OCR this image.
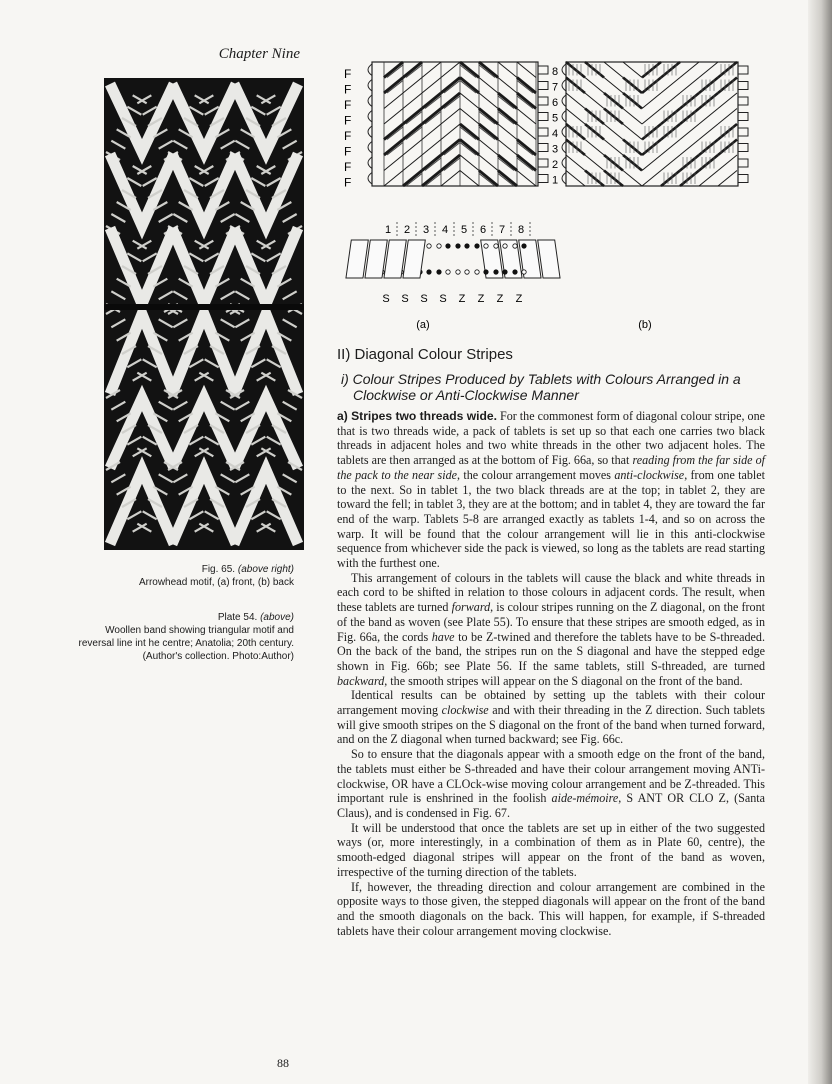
Chapter Nine

Fig. 65. (above right)
Arrowhead motif, (a) front, (b) back

Plate 54. (above)
Woollen band showing triangular motif and reversal line int he centre; Anatolia; 20th century. (Author's collection. Photo:Author)

F
F
F
F
F
F
F
F
8
7
6
5
4
3
2
1
1 2 3 4 5 6 7 8
S S S S Z Z Z Z
(a)	(b)
II) Diagonal Colour Stripes
i) Colour Stripes Produced by Tablets with Colours Arranged in a Clockwise or Anti-Clockwise Manner

a) Stripes two threads wide. For the commonest form of diagonal colour stripe, one that is two threads wide, a pack of tablets is set up so that each one carries two black threads in adjacent holes and two white threads in the other two adjacent holes. The tablets are then arranged as at the bottom of Fig. 66a, so that reading from the far side of the pack to the near side, the colour arrangement moves anti-clockwise, from one tablet to the next. So in tablet 1, the two black threads are at the top; in tablet 2, they are toward the fell; in tablet 3, they are at the bottom; and in tablet 4, they are toward the far end of the warp. Tablets 5-8 are arranged exactly as tablets 1-4, and so on across the warp. It will be found that the colour arrangement will lie in this anti-clockwise sequence from whichever side the pack is viewed, so long as the tablets are read starting with the furthest one.

This arrangement of colours in the tablets will cause the black and white threads in each cord to be shifted in relation to those colours in adjacent cords. The result, when these tablets are turned forward, is colour stripes running on the Z diagonal, on the front of the band as woven (see Plate 55). To ensure that these stripes are smooth edged, as in Fig. 66a, the cords have to be Z-twined and therefore the tablets have to be S-threaded. On the back of the band, the stripes run on the S diagonal and have the stepped edge shown in Fig. 66b; see Plate 56. If the same tablets, still S-threaded, are turned backward, the smooth stripes will appear on the S diagonal on the front of the band.

Identical results can be obtained by setting up the tablets with their colour arrangement moving clockwise and with their threading in the Z direction. Such tablets will give smooth stripes on the S diagonal on the front of the band when turned forward, and on the Z diagonal when turned backward; see Fig. 66c.

So to ensure that the diagonals appear with a smooth edge on the front of the band, the tablets must either be S-threaded and have their colour arrangement moving ANTi-clockwise, OR have a CLOck-wise moving colour arrangement and be Z-threaded. This important rule is enshrined in the foolish aide-mémoire, S ANT OR CLO Z, (Santa Claus), and is condensed in Fig. 67.

It will be understood that once the tablets are set up in either of the two suggested ways (or, more interestingly, in a combination of them as in Plate 60, centre), the smooth-edged diagonal stripes will appear on the front of the band as woven, irrespective of the turning direction of the tablets.

If, however, the threading direction and colour arrangement are combined in the opposite ways to those given, the stepped diagonals will appear on the front of the band and the smooth diagonals on the back. This will happen, for example, if S-threaded tablets have their colour arrangement moving clockwise.

88
